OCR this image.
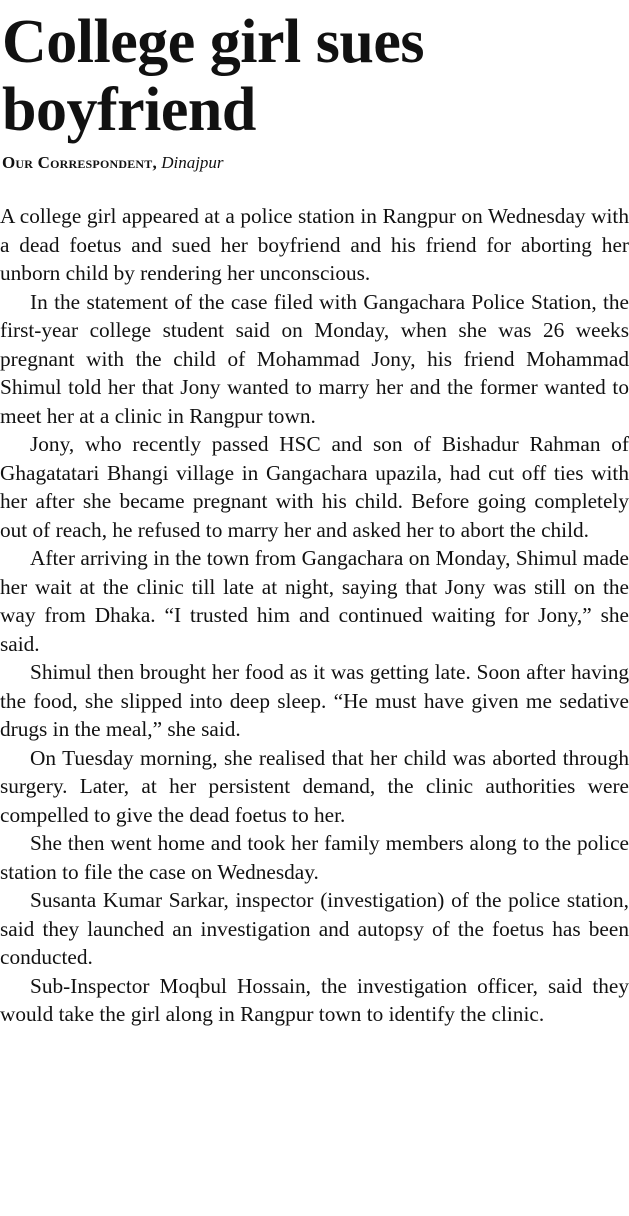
College girl sues boyfriend
Our Correspondent, Dinajpur

A college girl appeared at a police station in Rangpur on Wednesday with a dead foetus and sued her boyfriend and his friend for aborting her unborn child by rendering her unconscious.

In the statement of the case filed with Gangachara Police Station, the first-year college student said on Monday, when she was 26 weeks pregnant with the child of Mohammad Jony, his friend Mohammad Shimul told her that Jony wanted to marry her and the former wanted to meet her at a clinic in Rangpur town.

Jony, who recently passed HSC and son of Bishadur Rahman of Ghagatatari Bhangi village in Gangachara upazila, had cut off ties with her after she became pregnant with his child. Before going completely out of reach, he refused to marry her and asked her to abort the child.

After arriving in the town from Gangachara on Monday, Shimul made her wait at the clinic till late at night, saying that Jony was still on the way from Dhaka. “I trusted him and continued waiting for Jony,” she said.

Shimul then brought her food as it was getting late. Soon after having the food, she slipped into deep sleep. “He must have given me sedative drugs in the meal,” she said.

On Tuesday morning, she realised that her child was aborted through surgery. Later, at her persistent demand, the clinic authorities were compelled to give the dead foetus to her.

She then went home and took her family members along to the police station to file the case on Wednesday.

Susanta Kumar Sarkar, inspector (investigation) of the police station, said they launched an investigation and autopsy of the foetus has been conducted.

Sub-Inspector Moqbul Hossain, the investigation officer, said they would take the girl along in Rangpur town to identify the clinic.
